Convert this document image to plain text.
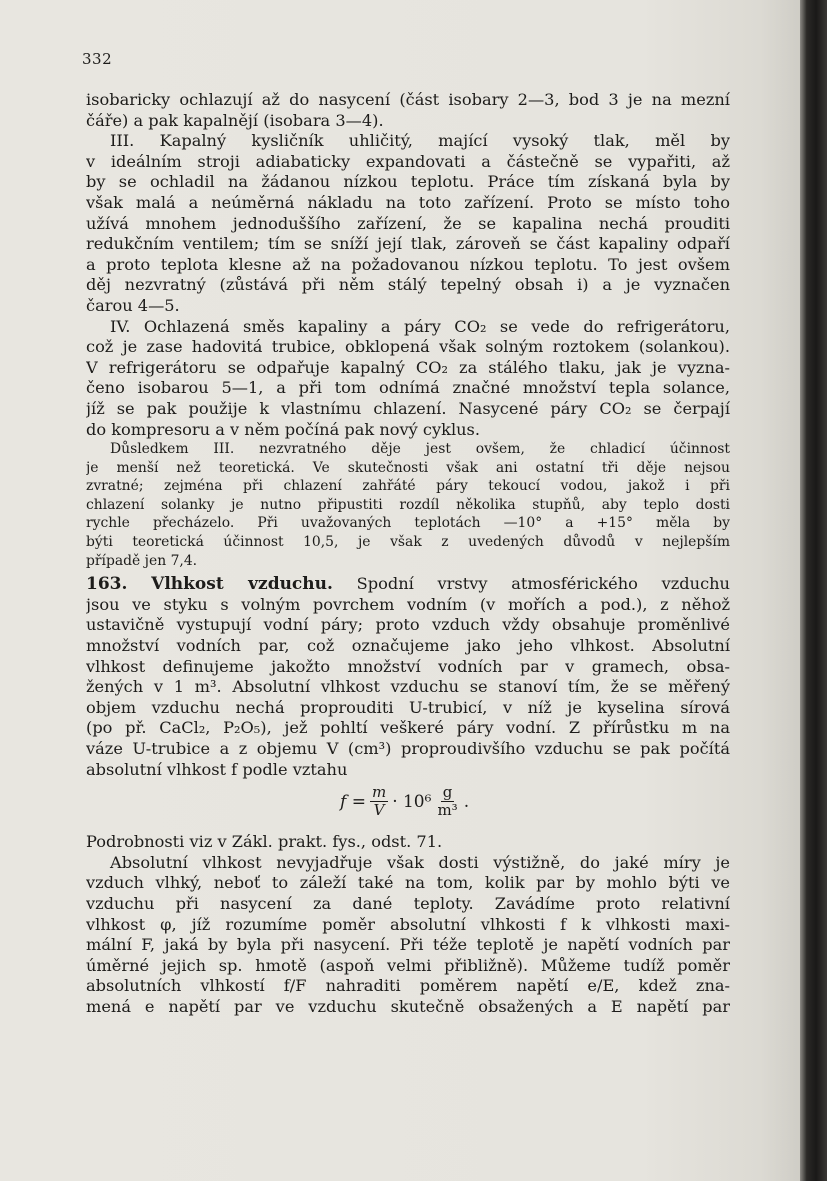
332
isobaricky ochlazují až do nasycení (část isobary 2—3, bod 3 je na mezní
čáře) a pak kapalnějí (isobara 3—4).
III. Kapalný kysličník uhličitý, mající vysoký tlak, měl by
v ideálním stroji adiabaticky expandovati a částečně se vypařiti, až
by se ochladil na žádanou nízkou teplotu. Práce tím získaná byla by
však malá a neúměrná nákladu na toto zařízení. Proto se místo toho
užívá mnohem jednoduššího zařízení, že se kapalina nechá prouditi
redukčním ventilem; tím se sníží její tlak, zároveň se část kapaliny odpaří
a proto teplota klesne až na požadovanou nízkou teplotu. To jest ovšem
děj nezvratný (zůstává při něm stálý tepelný obsah i) a je vyznačen
čarou 4—5.
IV. Ochlazená směs kapaliny a páry CO₂ se vede do refrigerátoru,
což je zase hadovitá trubice, obklopená však solným roztokem (solankou).
V refrigerátoru se odpařuje kapalný CO₂ za stálého tlaku, jak je vyzna-
čeno isobarou 5—1, a při tom odnímá značné množství tepla solance,
jíž se pak použije k vlastnímu chlazení. Nasycené páry CO₂ se čerpají
do kompresoru a v něm počíná pak nový cyklus.
Důsledkem III. nezvratného děje jest ovšem, že chladicí účinnost
je menší než teoretická. Ve skutečnosti však ani ostatní tři děje nejsou
zvratné; zejména při chlazení zahřáté páry tekoucí vodou, jakož i při
chlazení solanky je nutno připustiti rozdíl několika stupňů, aby teplo dosti
rychle přecházelo. Při uvažovaných teplotách —10° a +15° měla by
býti teoretická účinnost 10,5, je však z uvedených důvodů v nejlepším
případě jen 7,4.
163. Vlhkost vzduchu. Spodní vrstvy atmosférického vzduchu
jsou ve styku s volným povrchem vodním (v mořích a pod.), z něhož
ustavičně vystupují vodní páry; proto vzduch vždy obsahuje proměnlivé
množství vodních par, což označujeme jako jeho vlhkost. Absolutní
vlhkost definujeme jakožto množství vodních par v gramech, obsa-
žených v 1 m³. Absolutní vlhkost vzduchu se stanoví tím, že se měřený
objem vzduchu nechá proprouditi U-trubicí, v níž je kyselina sírová
(po př. CaCl₂, P₂O₅), jež pohltí veškeré páry vodní. Z přírůstku m na
váze U-trubice a z objemu V (cm³) proproudivšího vzduchu se pak počítá
absolutní vlhkost f podle vztahu
$f = \frac{m}{V} \cdot 10^6 \frac{g}{\text{m³}}$ .
Podrobnosti viz v Zákl. prakt. fys., odst. 71.
Absolutní vlhkost nevyjadřuje však dosti výstižně, do jaké míry je
vzduch vlhký, neboť to záleží také na tom, kolik par by mohlo býti ve
vzduchu při nasycení za dané teploty. Zavádíme proto relativní
vlhkost φ, jíž rozumíme poměr absolutní vlhkosti f k vlhkosti maxi-
mální F, jaká by byla při nasycení. Při téže teplotě je napětí vodních par
úměrné jejich sp. hmotě (aspoň velmi přibližně). Můžeme tudíž poměr
absolutních vlhkostí f/F nahraditi poměrem napětí e/E, kdež zna-
mená e napětí par ve vzduchu skutečně obsažených a E napětí par
